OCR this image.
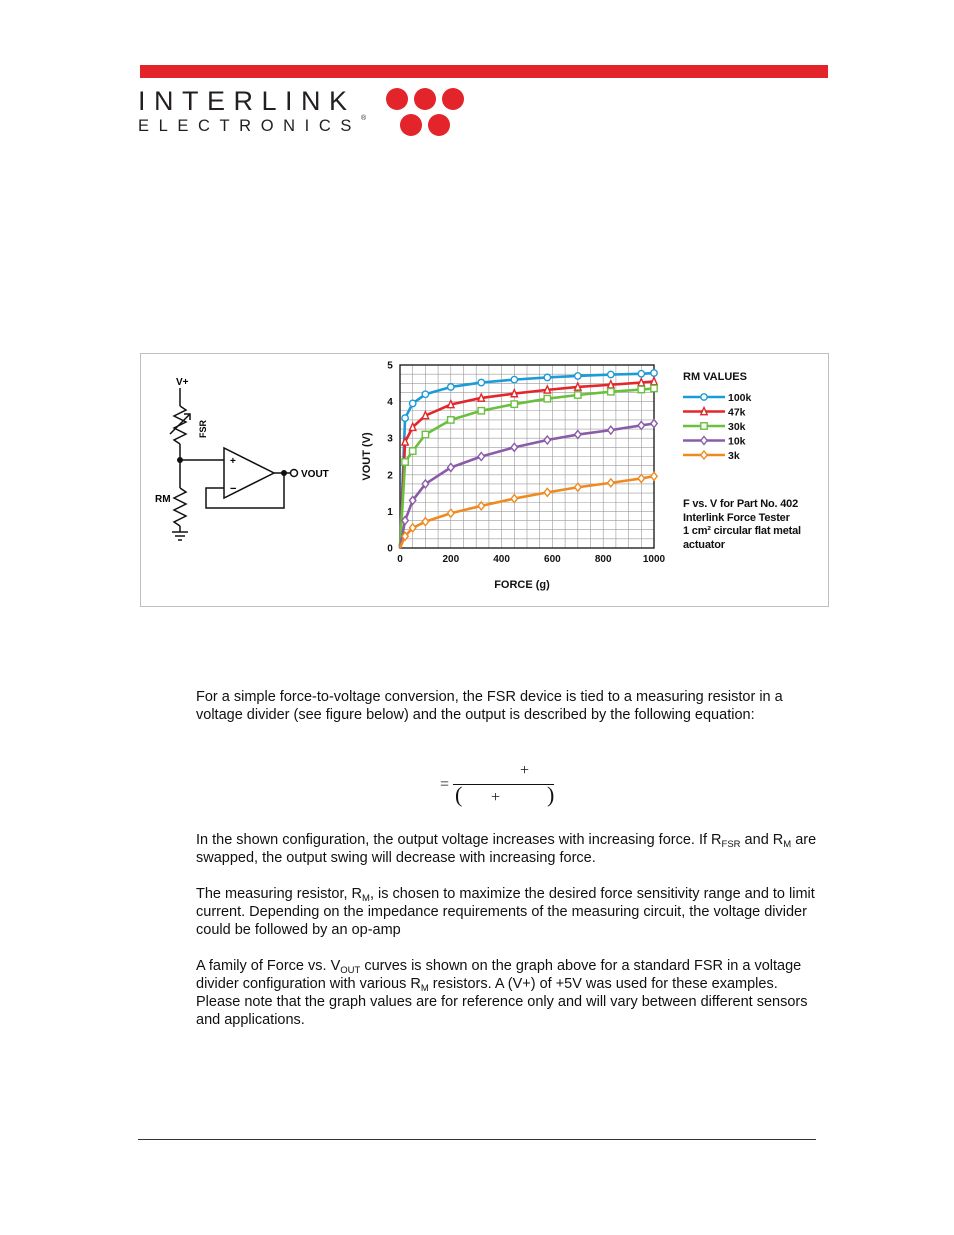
INTERLINK
ELECTRONICS®
V+
FSR
RM
+
−
VOUT
0	200	400	600	800	1000
0
1
2
3
4
5
FORCE (g)
VOUT (V)
RM VALUES
100k
47k
30k
10k
3k
F vs. V for Part No. 402
Interlink Force Tester
1 cm² circular flat metal
actuator
For a simple force-to-voltage conversion, the FSR device is tied to a measuring resistor in a voltage divider (see figure below) and the output is described by the following equation:
=
+
( + )
In the shown configuration, the output voltage increases with increasing force. If $R_{FSR}$ and $R_M$ are swapped, the output swing will decrease with increasing force.
The measuring resistor, $R_M$, is chosen to maximize the desired force sensitivity range and to limit current. Depending on the impedance requirements of the measuring circuit, the voltage divider could be followed by an op-amp
A family of Force vs. $V_{OUT}$ curves is shown on the graph above for a standard FSR in a voltage divider configuration with various $R_M$ resistors. A (V+) of +5V was used for these examples. Please note that the graph values are for reference only and will vary between different sensors and applications.
